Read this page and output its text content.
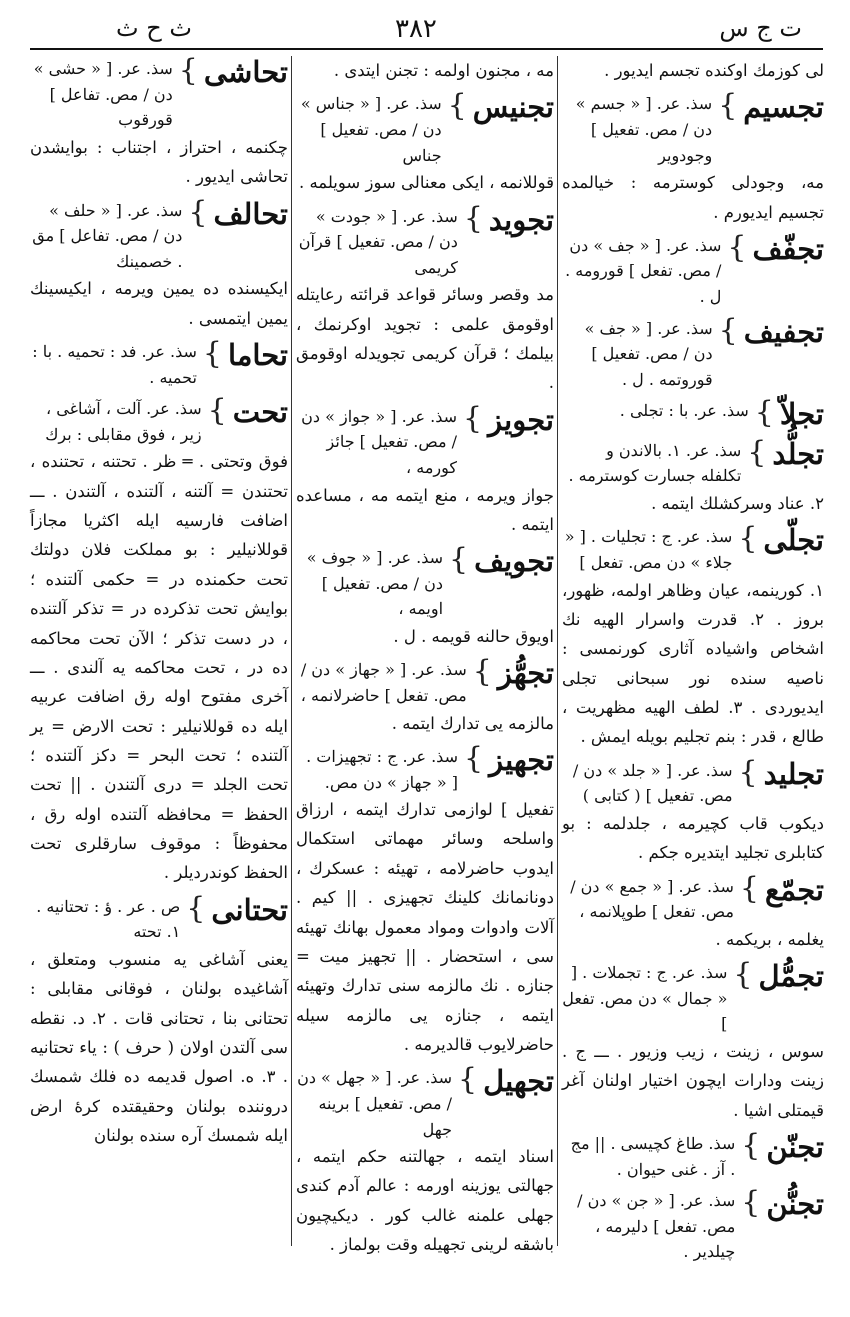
ت ج س
۳۸۲
ث ح ث
لی کوزمك اوکنده تجسم ایدیور .
تجسیم
}
سذ. عر. [ « جسم » دن / مص. تفعیل ] وجودویر
مه، وجودلی کوسترمه : خیالمده تجسیم ایدیورم .
تجفّف
}
سذ. عر. [ « جف » دن / مص. تفعل ] قورومه . ل .
تجفیف
}
سذ. عر. [ « جف » دن / مص. تفعیل ] قوروتمه . ل .
تجلاّ
}
سذ. عر. با : تجلی .
تجلُّد
}
سذ. عر. ۱. بالاندن و تکلفله جسارت کوسترمه .
۲. عناد وسرکشلك ایتمه .
تجلّی
}
سذ. عر. ج : تجلیات . [ « جلاء » دن مص. تفعل ]
۱. کورینمه، عیان وظاهر اولمه، ظهور، بروز . ۲. قدرت واسرار الهیه نك اشخاص واشیاده آثاری کورنمسی : ناصیه سنده نور سبحانی تجلی ایدیوردی . ۳. لطف الهیه مظهریت ، طالع ، قدر : بنم تجلیم بویله ایمش .
تجلید
}
سذ. عر. [ « جلد » دن / مص. تفعیل ] ( کتابی )
دیکوب قاب کچیرمه ، جلدلمه : بو کتابلری تجلید ایتدیره جکم .
تجمّع
}
سذ. عر. [ « جمع » دن / مص. تفعل ] طوپلانمه ،
یغلمه ، بریکمه .
تجمُّل
}
سذ. عر. ج : تجملات . [ « جمال » دن مص. تفعل ]
سوس ، زینت ، زیب وزیور . ـــ ج . زینت ودارات ایچون اختیار اولنان آغر قیمتلی اشیا .
تجنّن
}
سذ. طاغ کچیسی . || مج . آز . غنی حیوان .
تجنُّن
}
سذ. عر. [ « جن » دن / مص. تفعل ] دلیرمه ، چیلدیر .
مه ، مجنون اولمه : تجنن ایتدی .
تجنیس
}
سذ. عر. [ « جناس » دن / مص. تفعیل ] جناس
قوللانمه ، ایکی معنالی سوز سویلمه .
تجوید
}
سذ. عر. [ « جودت » دن / مص. تفعیل ] قرآن کریمی
مد وقصر وسائر قواعد قرائته رعایتله اوقومق علمی : تجوید اوکرنمك ، بیلمك ؛ قرآن کریمی تجویدله اوقومق .
تجویز
}
سذ. عر. [ « جواز » دن / مص. تفعیل ] جائز کورمه ،
جواز ویرمه ، منع ایتمه مه ، مساعده ایتمه .
تجویف
}
سذ. عر. [ « جوف » دن / مص. تفعیل ] اویمه ،
اویوق حالنه قویمه . ل .
تجهُّز
}
سذ. عر. [ « جهاز » دن / مص. تفعل ] حاضرلانمه ،
مالزمه یی تدارك ایتمه .
تجهیز
}
سذ. عر. ج : تجهیزات . [ « جهاز » دن مص.
تفعیل ] لوازمی تدارك ایتمه ، ارزاق واسلحه وسائر مهماتی استکمال ایدوب حاضرلامه ، تهیئه : عسکرك ، دونانمانك کلینك تجهیزی . || کیم . آلات وادوات ومواد معمول بهانك تهیئه سی ، استحضار . || تجهیز میت = جنازه . نك مالزمه سنی تدارك وتهیئه ایتمه ، جنازه یی مالزمه سیله حاضرلایوب قالدیرمه .
تجهیل
}
سذ. عر. [ « جهل » دن / مص. تفعیل ] برینه جهل
اسناد ایتمه ، جهالتنه حکم ایتمه ، جهالتی یوزینه اورمه : عالم آدم کندی جهلی علمنه غالب کور . دیکیچیون باشقه لرینی تجهیله وقت بولماز .
تحاشی
}
سذ. عر. [ « حشی » دن / مص. تفاعل ] قورقوب
چکنمه ، احتراز ، اجتناب : بوایشدن تحاشی ایدیور .
تحالف
}
سذ. عر. [ « حلف » دن / مص. تفاعل ] مق . خصمینك
ایکیسنده ده یمین ویرمه ، ایکیسینك یمین ایتمسی .
تحاما
}
سذ. عر. فد : تحمیه . با : تحمیه .
تحت
}
سذ. عر. آلت ، آشاغی ، زیر ، فوق مقابلی : برك
فوق وتحتی . ═ ظر . تحتنه ، تحتنده ، تحتندن = آلتنه ، آلتنده ، آلتندن . ـــ اضافت فارسیه ایله اکثریا مجازاً قوللانیلیر : بو مملکت فلان دولتك تحت حکمنده در = حکمی آلتنده ؛ بوایش تحت تذکرده در = تذکر آلتنده ، در دست تذکر ؛ الآن تحت محاکمه ده در ، تحت محاکمه یه آلندی . ـــ آخری مفتوح اوله رق اضافت عربیه ایله ده قوللانیلیر : تحت الارض = یر آلتنده ؛ تحت البحر = دکز آلتنده ؛ تحت الجلد = دری آلتندن . || تحت الحفظ = محافظه آلتنده اوله رق ، محفوظاً : موقوف سارقلری تحت الحفظ کوندردیلر .
تحتانی
}
ص . عر . ؤ : تحتانیه . ۱. تحته
یعنی آشاغی یه منسوب ومتعلق ، آشاغیده بولنان ، فوقانی مقابلی : تحتانی بنا ، تحتانی قات . ۲. د. نقطه سی آلتدن اولان ( حرف ) : یاء تحتانیه . ۳. ه. اصول قدیمه ده فلك شمسك دروننده بولنان وحقیقتده کرۀ ارض ایله شمسك آره سنده بولنان
